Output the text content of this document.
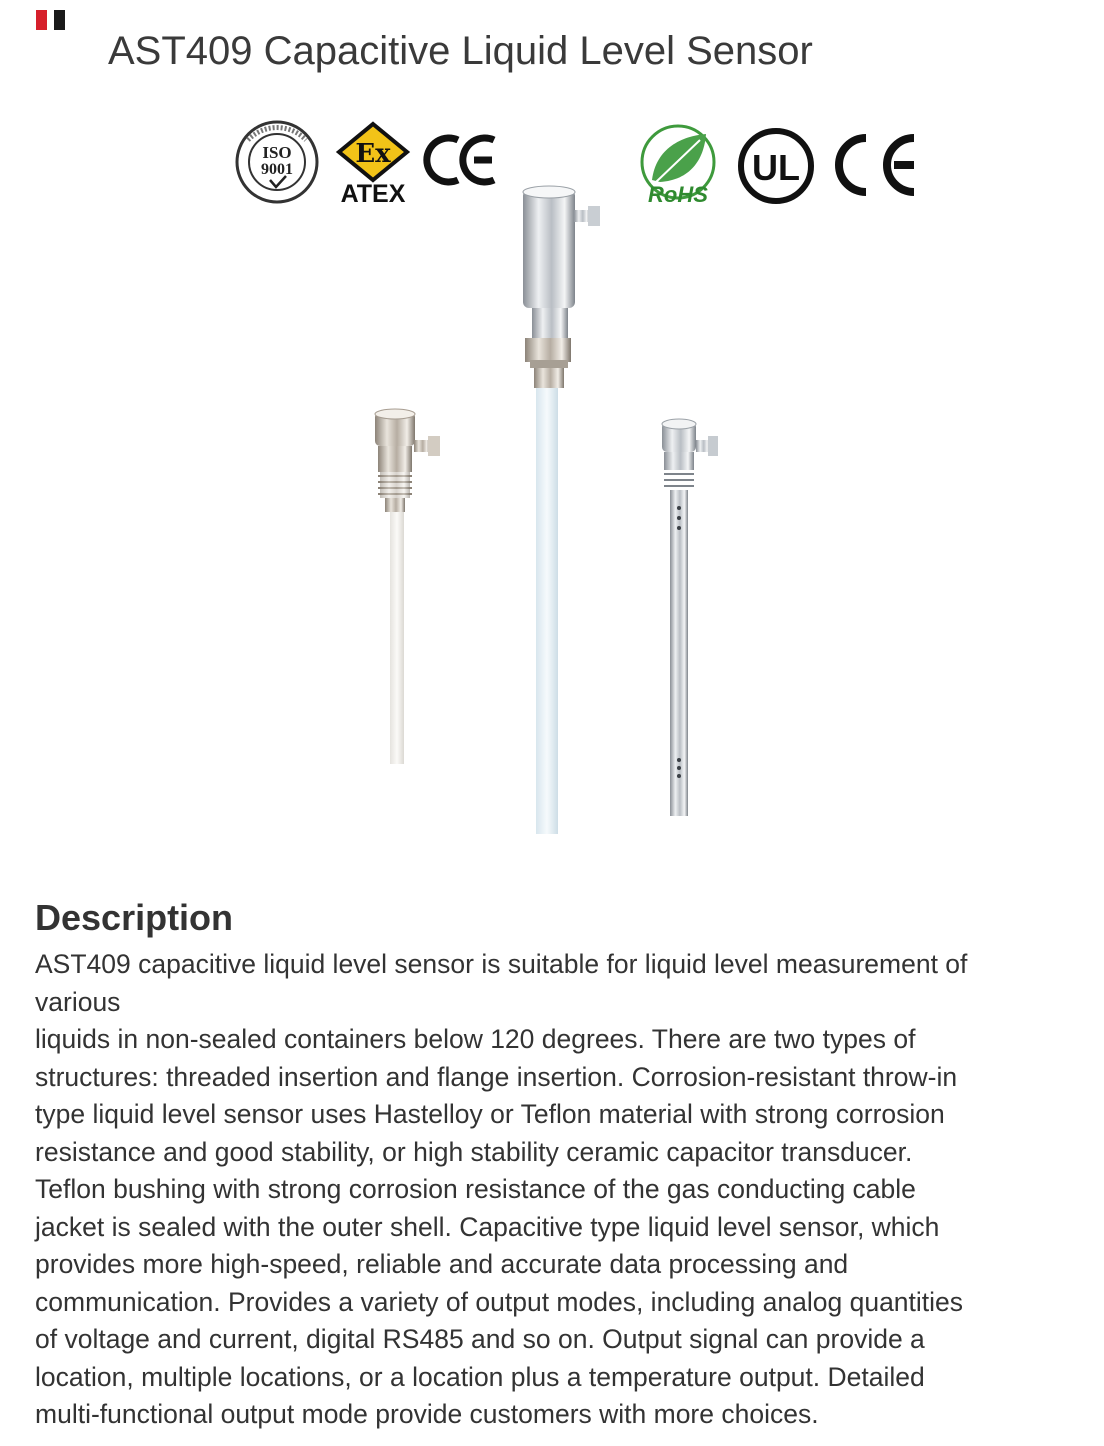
AST409 Capacitive Liquid Level Sensor
ISO
9001
Ex
ATEX	RoHS
UL
Description
AST409 capacitive liquid level sensor is suitable for liquid level measurement of
various
liquids in non-sealed containers below 120 degrees. There are two types of
structures: threaded insertion and flange insertion. Corrosion-resistant throw-in
type liquid level sensor uses Hastelloy or Teflon material with strong corrosion
resistance and good stability, or high stability ceramic capacitor transducer.
Teflon bushing with strong corrosion resistance of the gas conducting cable
jacket is sealed with the outer shell. Capacitive type liquid level sensor, which
provides more high-speed, reliable and accurate data processing and
communication. Provides a variety of output modes, including analog quantities
of voltage and current, digital RS485 and so on. Output signal can provide a
location, multiple locations, or a location plus a temperature output. Detailed
multi-functional output mode provide customers with more choices.
